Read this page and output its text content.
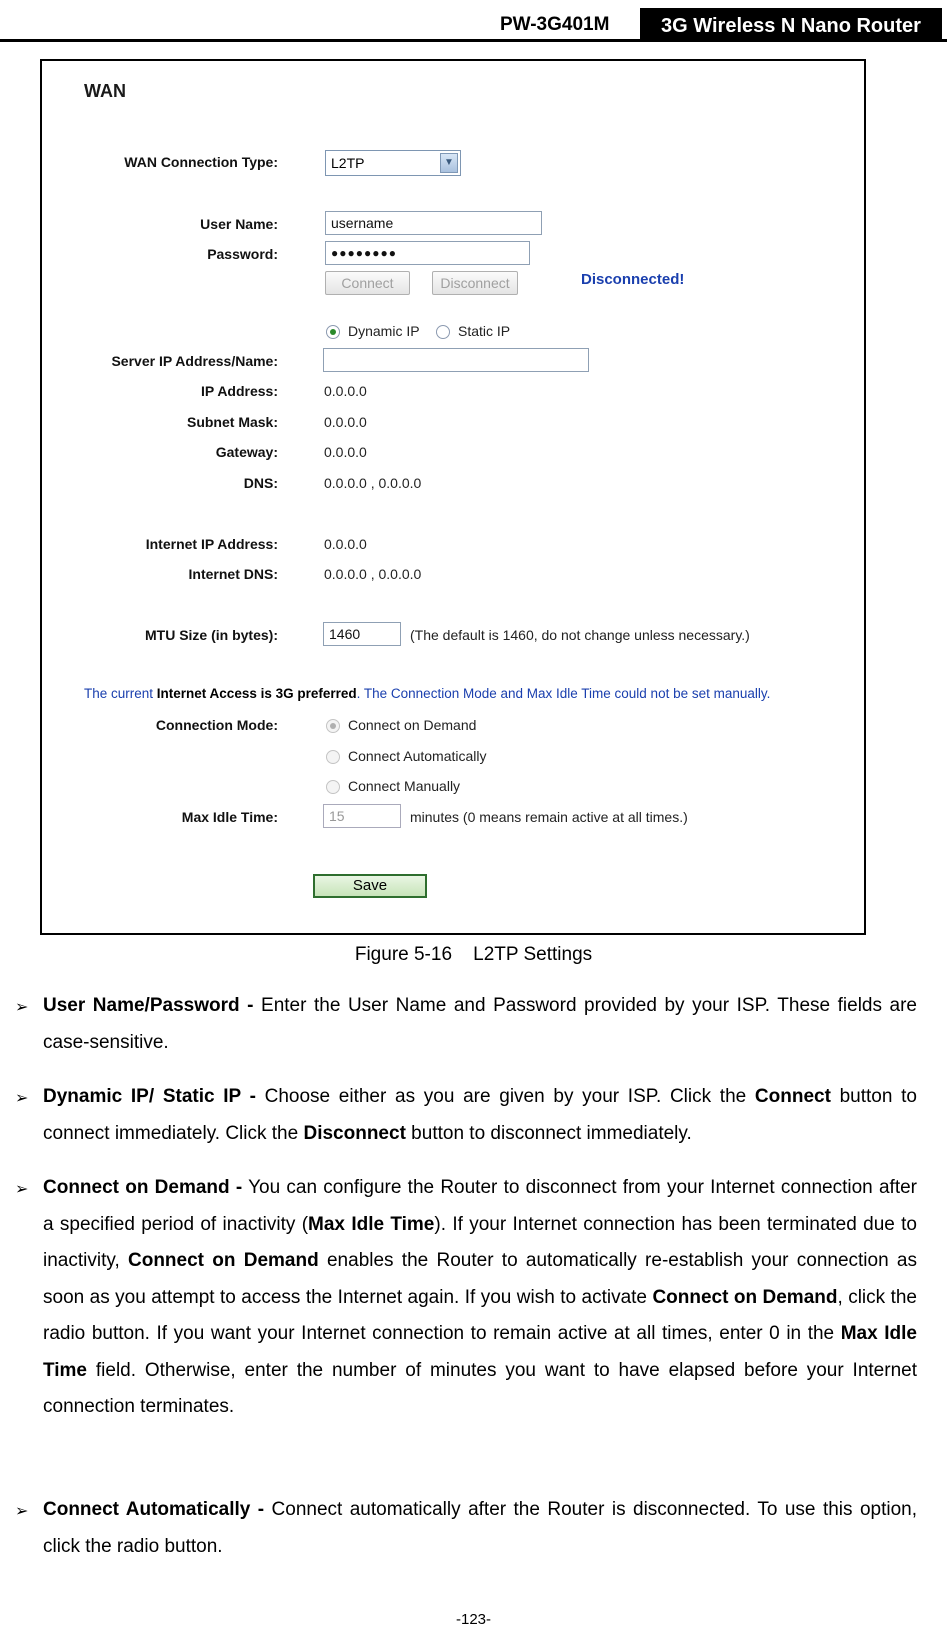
PW-3G401M	3G Wireless N Nano Router
WAN
WAN Connection Type:	L2TP	▼
User Name:	username
Password:	●●●●●●●●
Connect	Disconnect	Disconnected!
Dynamic IP	Static IP
Server IP Address/Name:
IP Address:	0.0.0.0
Subnet Mask:	0.0.0.0
Gateway:	0.0.0.0
DNS:	0.0.0.0 , 0.0.0.0
Internet IP Address:	0.0.0.0
Internet DNS:	0.0.0.0 , 0.0.0.0
MTU Size (in bytes):	1460	(The default is 1460, do not change unless necessary.)
The current Internet Access is 3G preferred. The Connection Mode and Max Idle Time could not be set manually.
Connection Mode:	Connect on Demand
Connect Automatically
Connect Manually
Max Idle Time:	15	minutes (0 means remain active at all times.)
Save
Figure 5-16    L2TP Settings
➢ User Name/Password - Enter the User Name and Password provided by your ISP. These fields are case-sensitive.
➢ Dynamic IP/ Static IP - Choose either as you are given by your ISP. Click the Connect button to connect immediately. Click the Disconnect button to disconnect immediately.
➢ Connect on Demand - You can configure the Router to disconnect from your Internet connection after a specified period of inactivity (Max Idle Time). If your Internet connection has been terminated due to inactivity, Connect on Demand enables the Router to automatically re-establish your connection as soon as you attempt to access the Internet again. If you wish to activate Connect on Demand, click the radio button. If you want your Internet connection to remain active at all times, enter 0 in the Max Idle Time field. Otherwise, enter the number of minutes you want to have elapsed before your Internet connection terminates.
➢ Connect Automatically - Connect automatically after the Router is disconnected. To use this option, click the radio button.
-123-
